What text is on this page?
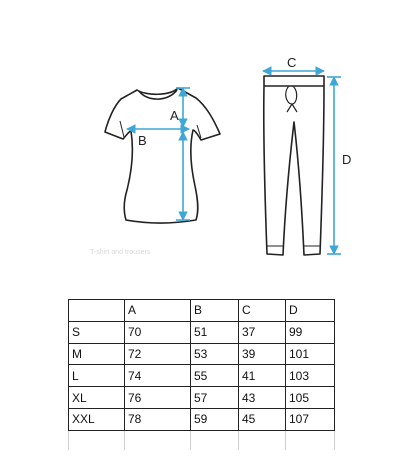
A
B
C
D
T-shirt and trousers
	A	B	C	D
S	70	51	37	99
M	72	53	39	101
L	74	55	41	103
XL	76	57	43	105
XXL	78	59	45	107
